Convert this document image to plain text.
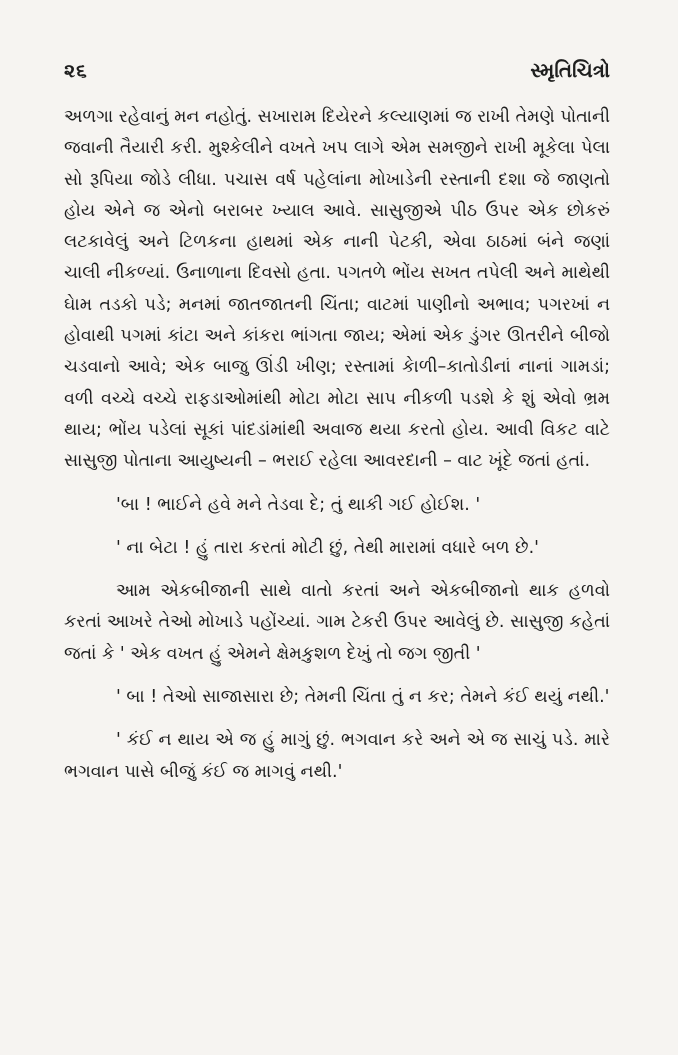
૨૬	સ્મૃતિચિત્રો

અળગા રહેવાનું મન નહોતું. સખારામ દિયેરને કલ્યાણમાં જ રાખી તેમણે પોતાની જવાની તૈયારી કરી. મુશ્કેલીને વખતે ખપ લાગે એમ સમજીને રાખી મૂકેલા પેલા સો રૂપિયા જોડે લીધા. પચાસ વર્ષ પહેલાંના મોખાડેની રસ્તાની દશા જે જાણતો હોય એને જ એનો બરાબર ખ્યાલ આવે. સાસુજીએ પીઠ ઉપર એક છોકરું લટકાવેલું અને ટિળકના હાથમાં એક નાની પેટકી, એવા ઠાઠમાં બંને જણાં ચાલી નીકળ્યાં. ઉનાળાના દિવસો હતા. પગતળે ભોંય સખત તપેલી અને માથેથી ઘેામ તડકો પડે; મનમાં જાતજાતની ચિંતા; વાટમાં પાણીનો અભાવ; પગરખાં ન હોવાથી પગમાં કાંટા અને કાંકરા ભાંગતા જાય; એમાં એક ડુંગર ઊતરીને બીજો ચડવાનો આવે; એક બાજુ ઊંડી ખીણ; રસ્તામાં કેાળી–કાતોડીનાં નાનાં ગામડાં; વળી વચ્ચે વચ્ચે રાફડાઓમાંથી મોટા મોટા સાપ નીકળી પડશે કે શું એવો ભ્રમ થાય; ભોંય પડેલાં સૂકાં પાંદડાંમાંથી અવાજ થયા કરતો હોય. આવી વિકટ વાટે સાસુજી પોતાના આયુષ્યની – ભરાઈ રહેલા આવરદાની – વાટ ખૂંદે જતાં હતાં.

'બા ! ભાઈને હવે મને તેડવા દે; તું થાકી ગઈ હોઈશ. '

' ના બેટા ! હું તારા કરતાં મોટી છું, તેથી મારામાં વધારે બળ છે.'

આમ એકબીજાની સાથે વાતો કરતાં અને એકબીજાનો થાક હળવો કરતાં આખરે તેઓ મોખાડે પહોંચ્યાં. ગામ ટેકરી ઉપર આવેલું છે. સાસુજી કહેતાં જતાં કે ' એક વખત હું એમને ક્ષેમકુશળ દેખું તો જગ જીતી '

' બા ! તેઓ સાજાસારા છે; તેમની ચિંતા તું ન કર; તેમને કંઈ થયું નથી.'

' કંઈ ન થાય એ જ હું માગું છું. ભગવાન કરે અને એ જ સાચું પડે. મારે ભગવાન પાસે બીજું કંઈ જ માગવું નથી.'
